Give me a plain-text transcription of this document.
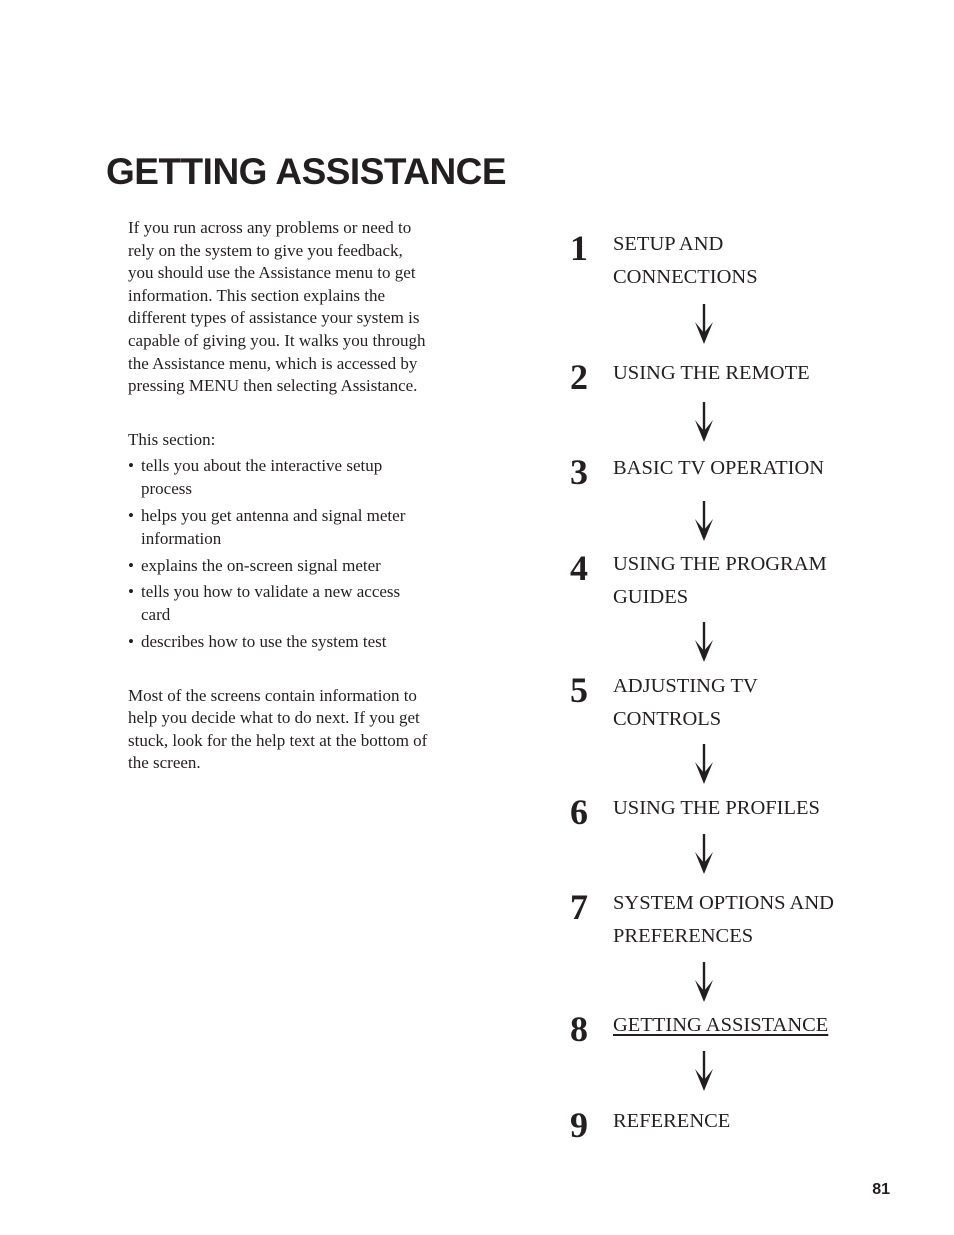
GETTING ASSISTANCE

If you run across any problems or need to rely on the system to give you feedback, you should use the Assistance menu to get information. This section explains the different types of assistance your system is capable of giving you. It walks you through the Assistance menu, which is accessed by pressing MENU then selecting Assistance.

This section:

• tells you about the interactive setup process
• helps you get antenna and signal meter information
• explains the on-screen signal meter
• tells you how to validate a new access card
• describes how to use the system test

Most of the screens contain information to help you decide what to do next. If you get stuck, look for the help text at the bottom of the screen.

1 SETUP AND CONNECTIONS
2 USING THE REMOTE
3 BASIC TV OPERATION
4 USING THE PROGRAM GUIDES
5 ADJUSTING TV CONTROLS
6 USING THE PROFILES
7 SYSTEM OPTIONS AND PREFERENCES
8 GETTING ASSISTANCE
9 REFERENCE
81
